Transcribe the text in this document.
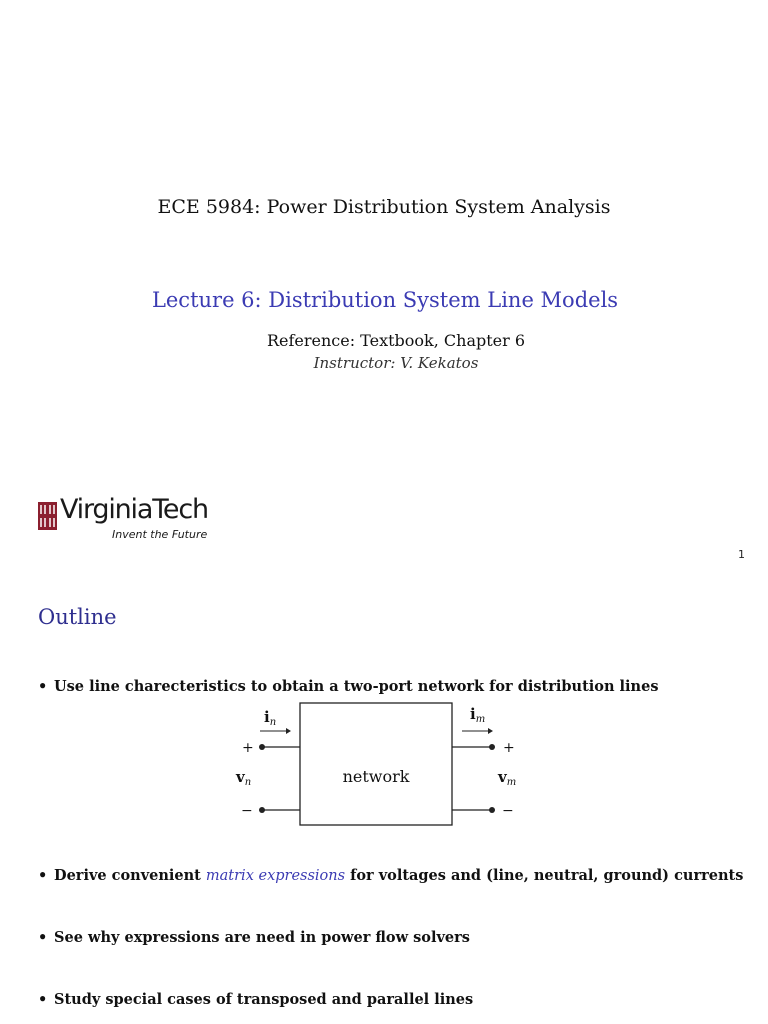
ECE 5984: Power Distribution System Analysis
Lecture 6: Distribution System Line Models
Reference: Textbook, Chapter 6
Instructor: V. Kekatos
VirginiaTech
Invent the Future
1
Outline
• Use line charecteristics to obtain a two-port network for distribution lines
network
+
−
$v_n$
$i_n$
+
−
$v_m$
$i_m$
• Derive convenient matrix expressions for voltages and (line, neutral, ground) currents
• See why expressions are need in power flow solvers
• Study special cases of transposed and parallel lines
